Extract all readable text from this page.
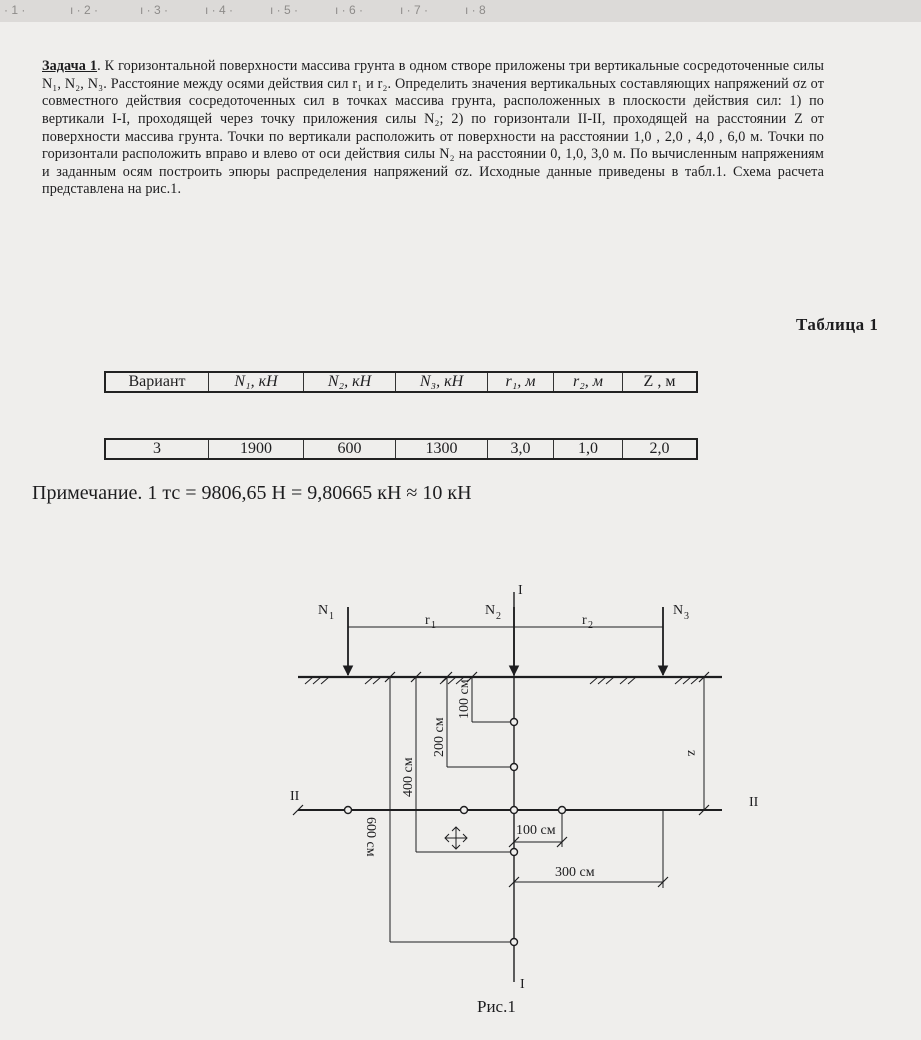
· 1 ·	ı · 2 ·	ı · 3 ·	ı · 4 ·	ı · 5 ·	ı · 6 ·	ı · 7 ·	ı · 8

Задача 1. К горизонтальной поверхности массива грунта в одном створе приложены три вертикальные сосредоточенные силы N₁, N₂, N₃. Расстояние между осями действия сил r₁ и r₂. Определить значения вертикальных составляющих напряжений σz от совместного действия сосредоточенных сил в точках массива грунта, расположенных в плоскости действия сил: 1) по вертикали I-I, проходящей через точку приложения силы N₂; 2) по горизонтали II-II, проходящей на расстоянии Z от поверхности массива грунта. Точки по вертикали расположить от поверхности на расстоянии 1,0 , 2,0 , 4,0 , 6,0 м. Точки по горизонтали расположить вправо и влево от оси действия силы N₂ на расстоянии 0, 1,0, 3,0 м. По вычисленным напряжениям и заданным осям построить эпюры распределения напряжений σz. Исходные данные приведены в табл.1. Схема расчета представлена на рис.1.

Таблица 1
Вариант	N₁, кН	N₂, кН	N₃, кН	r₁, м	r₂, м	Z , м
3	1900	600	1300	3,0	1,0	2,0
Примечание. 1 тс = 9806,65 Н = 9,80665 кН ≈ 10 кН
N 1	N 2	N 3
r 1	r 2
I
I
II	II
z
100 см
200 см
400 см
600 см	100 см
300 см
Рис.1
